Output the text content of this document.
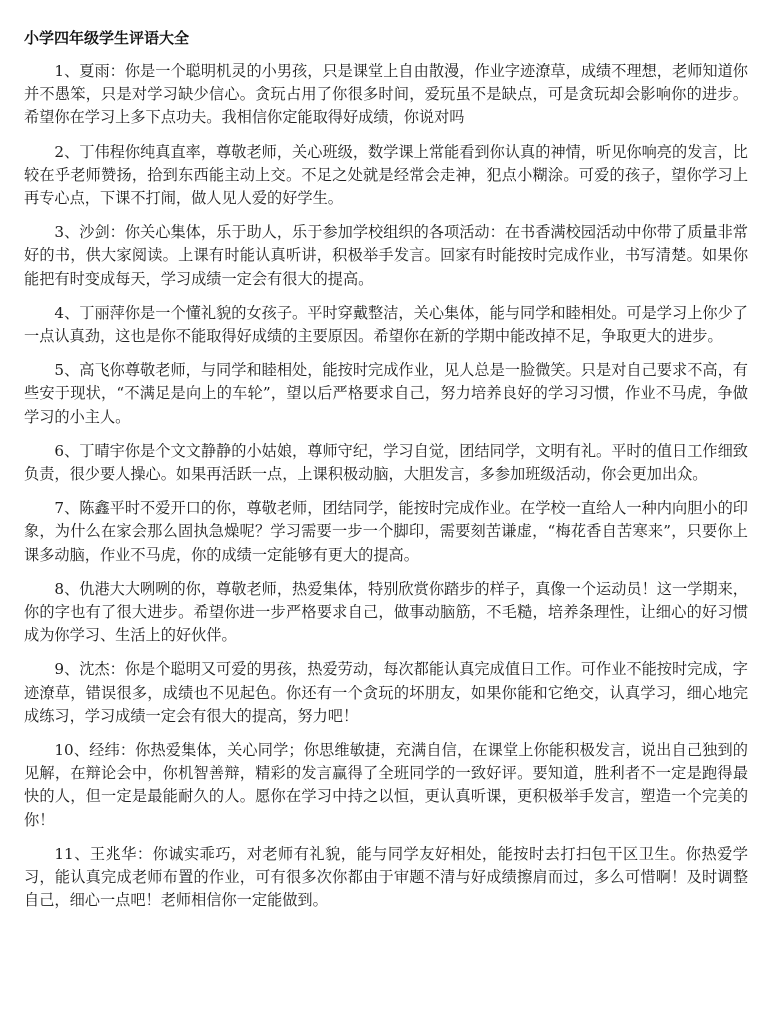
小学四年级学生评语大全

1、夏雨：你是一个聪明机灵的小男孩，只是课堂上自由散漫，作业字迹潦草，成绩不理想，老师知道你并不愚笨，只是对学习缺少信心。贪玩占用了你很多时间，爱玩虽不是缺点，可是贪玩却会影响你的进步。希望你在学习上多下点功夫。我相信你定能取得好成绩，你说对吗

2、丁伟程你纯真直率，尊敬老师，关心班级，数学课上常能看到你认真的神情，听见你响亮的发言，比较在乎老师赞扬，拾到东西能主动上交。不足之处就是经常会走神，犯点小糊涂。可爱的孩子，望你学习上再专心点，下课不打闹，做人见人爱的好学生。

3、沙剑：你关心集体，乐于助人，乐于参加学校组织的各项活动：在书香满校园活动中你带了质量非常好的书，供大家阅读。上课有时能认真听讲，积极举手发言。回家有时能按时完成作业，书写清楚。如果你能把有时变成每天，学习成绩一定会有很大的提高。

4、丁丽萍你是一个懂礼貌的女孩子。平时穿戴整洁，关心集体，能与同学和睦相处。可是学习上你少了一点认真劲，这也是你不能取得好成绩的主要原因。希望你在新的学期中能改掉不足，争取更大的进步。

5、高飞你尊敬老师，与同学和睦相处，能按时完成作业，见人总是一脸微笑。只是对自己要求不高，有些安于现状，“不满足是向上的车轮”，望以后严格要求自己，努力培养良好的学习习惯，作业不马虎，争做学习的小主人。

6、丁晴宇你是个文文静静的小姑娘，尊师守纪，学习自觉，团结同学，文明有礼。平时的值日工作细致负责，很少要人操心。如果再活跃一点，上课积极动脑，大胆发言，多参加班级活动，你会更加出众。

7、陈鑫平时不爱开口的你，尊敬老师，团结同学，能按时完成作业。在学校一直给人一种内向胆小的印象，为什么在家会那么固执急燥呢？学习需要一步一个脚印，需要刻苦谦虚，“梅花香自苦寒来”，只要你上课多动脑，作业不马虎，你的成绩一定能够有更大的提高。

8、仇港大大咧咧的你，尊敬老师，热爱集体，特别欣赏你踏步的样子，真像一个运动员！这一学期来，你的字也有了很大进步。希望你进一步严格要求自己，做事动脑筋，不毛糙，培养条理性，让细心的好习惯成为你学习、生活上的好伙伴。

9、沈杰：你是个聪明又可爱的男孩，热爱劳动，每次都能认真完成值日工作。可作业不能按时完成，字迹潦草，错误很多，成绩也不见起色。你还有一个贪玩的坏朋友，如果你能和它绝交，认真学习，细心地完成练习，学习成绩一定会有很大的提高，努力吧！

10、经纬：你热爱集体，关心同学；你思维敏捷，充满自信，在课堂上你能积极发言，说出自己独到的见解，在辩论会中，你机智善辩，精彩的发言赢得了全班同学的一致好评。要知道，胜利者不一定是跑得最快的人，但一定是最能耐久的人。愿你在学习中持之以恒，更认真听课，更积极举手发言，塑造一个完美的你！

11、王兆华：你诚实乖巧，对老师有礼貌，能与同学友好相处，能按时去打扫包干区卫生。你热爱学习，能认真完成老师布置的作业，可有很多次你都由于审题不清与好成绩擦肩而过，多么可惜啊！及时调整自己，细心一点吧！老师相信你一定能做到。
